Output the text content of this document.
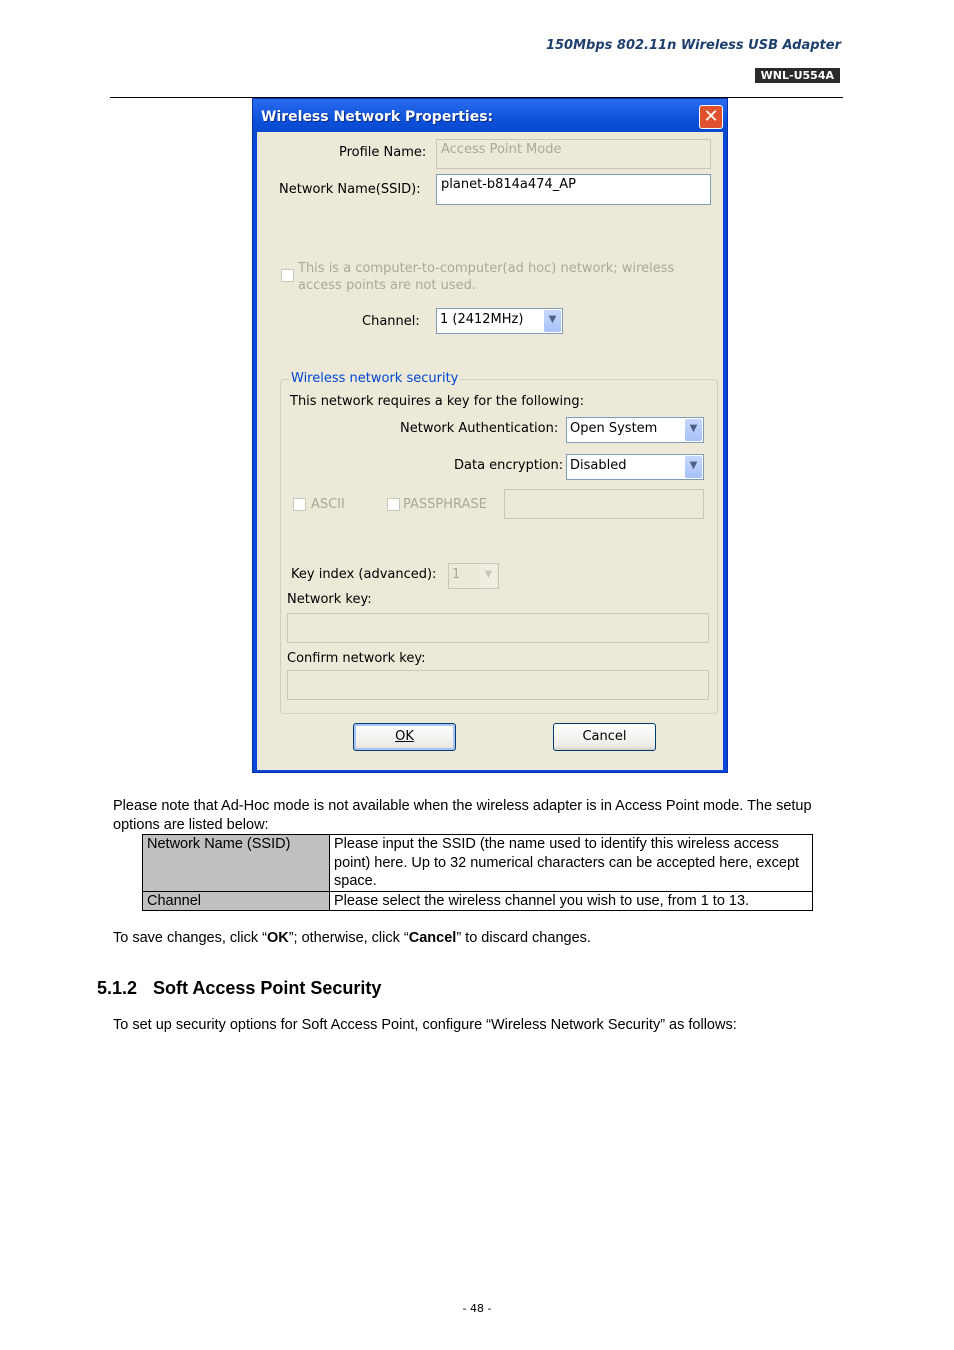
150Mbps 802.11n Wireless USB Adapter
WNL-U554A
Wireless Network Properties:	✕
Profile Name:	Access Point Mode
Network Name(SSID):	planet-b814a474_AP
This is a computer-to-computer(ad hoc) network; wireless
access points are not used.
Channel: 1 (2412MHz)	▼
Wireless network security
This network requires a key for the following:
Network Authentication: Open System	▼
Data encryption: Disabled	▼
ASCII	PASSPHRASE
Key index (advanced): 1	▼
Network key:
Confirm network key:
OK	Cancel
Please note that Ad-Hoc mode is not available when the wireless adapter is in Access Point mode. The setup options are listed below:
Network Name (SSID)	Please input the SSID (the name used to identify this wireless access point) here. Up to 32 numerical characters can be accepted here, except space.
Channel	Please select the wireless channel you wish to use, from 1 to 13.
To save changes, click “OK”; otherwise, click “Cancel” to discard changes.
5.1.2 Soft Access Point Security
To set up security options for Soft Access Point, configure “Wireless Network Security” as follows:
- 48 -
